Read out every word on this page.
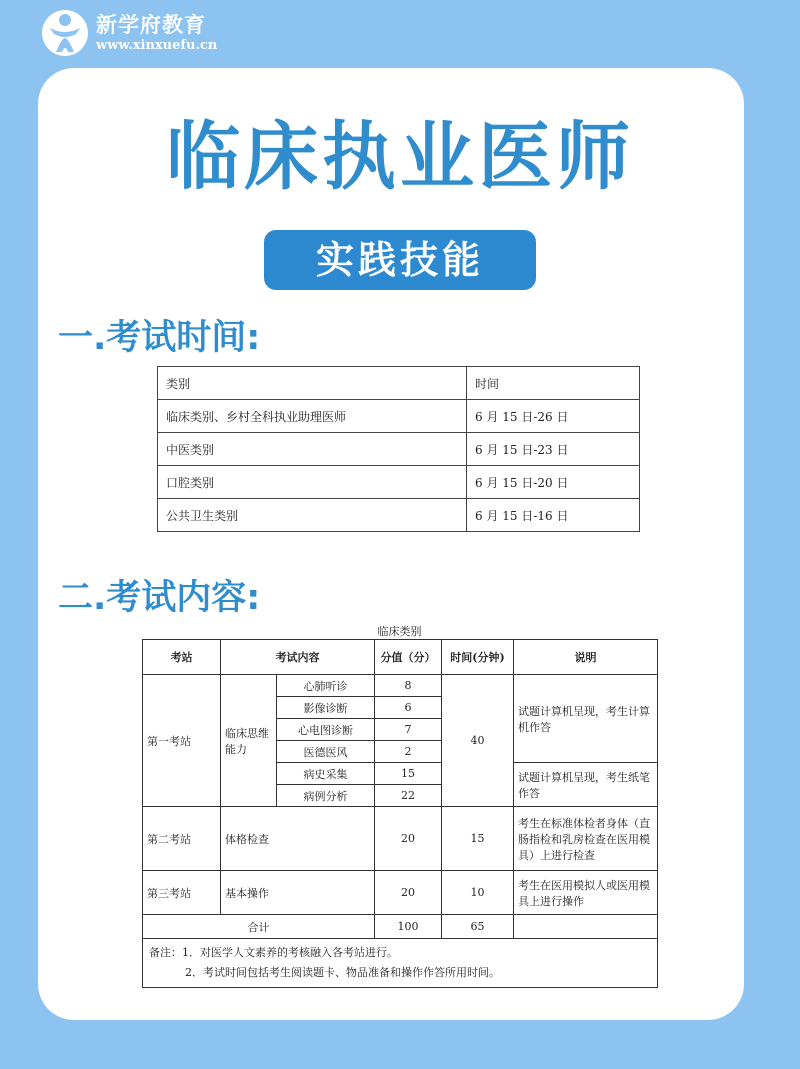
新学府教育
www.xinxuefu.cn
临床执业医师
实践技能
一.考试时间:
类别	时间
临床类别、乡村全科执业助理医师	6 月 15 日-26 日
中医类别	6 月 15 日-23 日
口腔类别	6 月 15 日-20 日
公共卫生类别	6 月 15 日-16 日
二.考试内容:
临床类别
考站	考试内容		分值（分）	时间(分钟)	说明
第一考站	临床思维能力	心肺听诊	8	40	试题计算机呈现，考生计算机作答
		影像诊断	6		
		心电图诊断	7		
		医德医风	2		
		病史采集	15		试题计算机呈现，考生纸笔作答
		病例分析	22		
第二考站	体格检查		20	15	考生在标准体检者身体（直肠指检和乳房检查在医用模具）上进行检查
第三考站	基本操作		20	10	考生在医用模拟人或医用模具上进行操作
合计			100	65	

备注：1．对医学人文素养的考核融入各考站进行。
2．考试时间包括考生阅读题卡、物品准备和操作作答所用时间。					
